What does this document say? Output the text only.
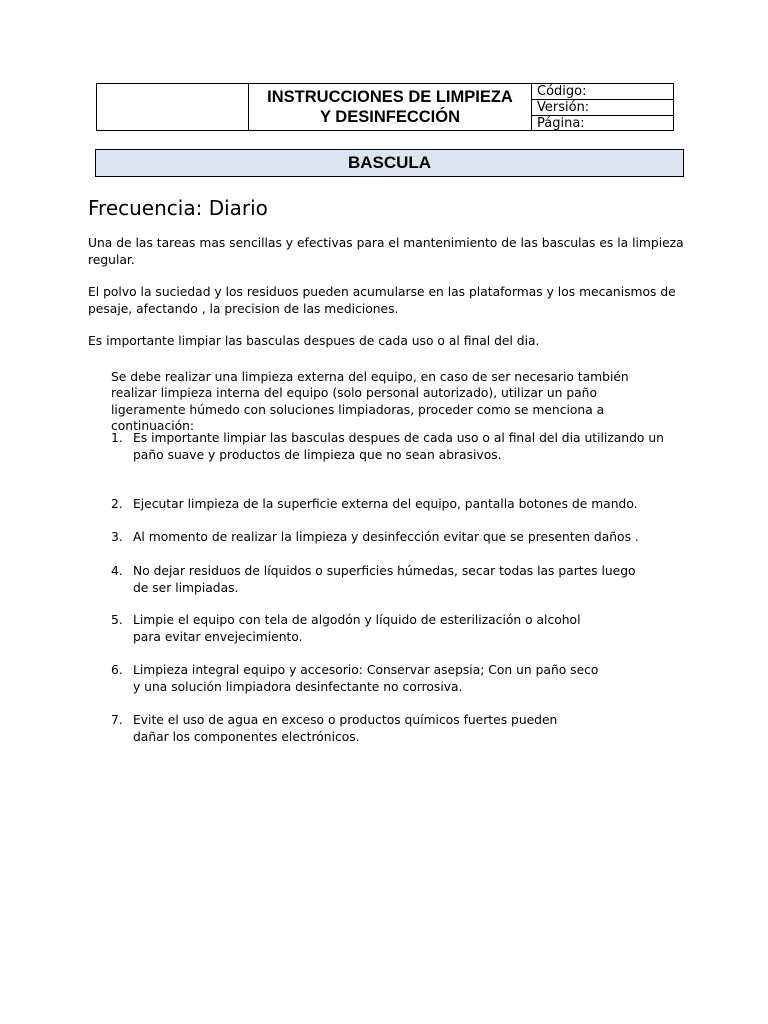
INSTRUCCIONES DE LIMPIEZA
Y DESINFECCIÓN
Código:
Versión:
Página:
BASCULA

Frecuencia: Diario

Una de las tareas mas sencillas y efectivas para el mantenimiento de las basculas es la limpieza regular.

El polvo la suciedad y los residuos pueden acumularse en las plataformas y los mecanismos de pesaje, afectando , la precision de las mediciones.

Es importante limpiar las basculas despues de cada uso o al final del dia.

Se debe realizar una limpieza externa del equipo, en caso de ser necesario también realizar limpieza interna del equipo (solo personal autorizado), utilizar un paño ligeramente húmedo con soluciones limpiadoras, proceder como se menciona a continuación:

1. Es importante limpiar las basculas despues de cada uso o al final del dia utilizando un paño suave y productos de limpieza que no sean abrasivos.
2. Ejecutar limpieza de la superficie externa del equipo, pantalla botones de mando.
3. Al momento de realizar la limpieza y desinfección evitar que se presenten daños .
4. No dejar residuos de líquidos o superficies húmedas, secar todas las partes luego de ser limpiadas.
5. Limpie el equipo con tela de algodón y líquido de esterilización o alcohol para evitar envejecimiento.
6. Limpieza integral equipo y accesorio: Conservar asepsia; Con un paño seco y una solución limpiadora desinfectante no corrosiva.
7. Evite el uso de agua en exceso o productos químicos fuertes pueden dañar los componentes electrónicos.
